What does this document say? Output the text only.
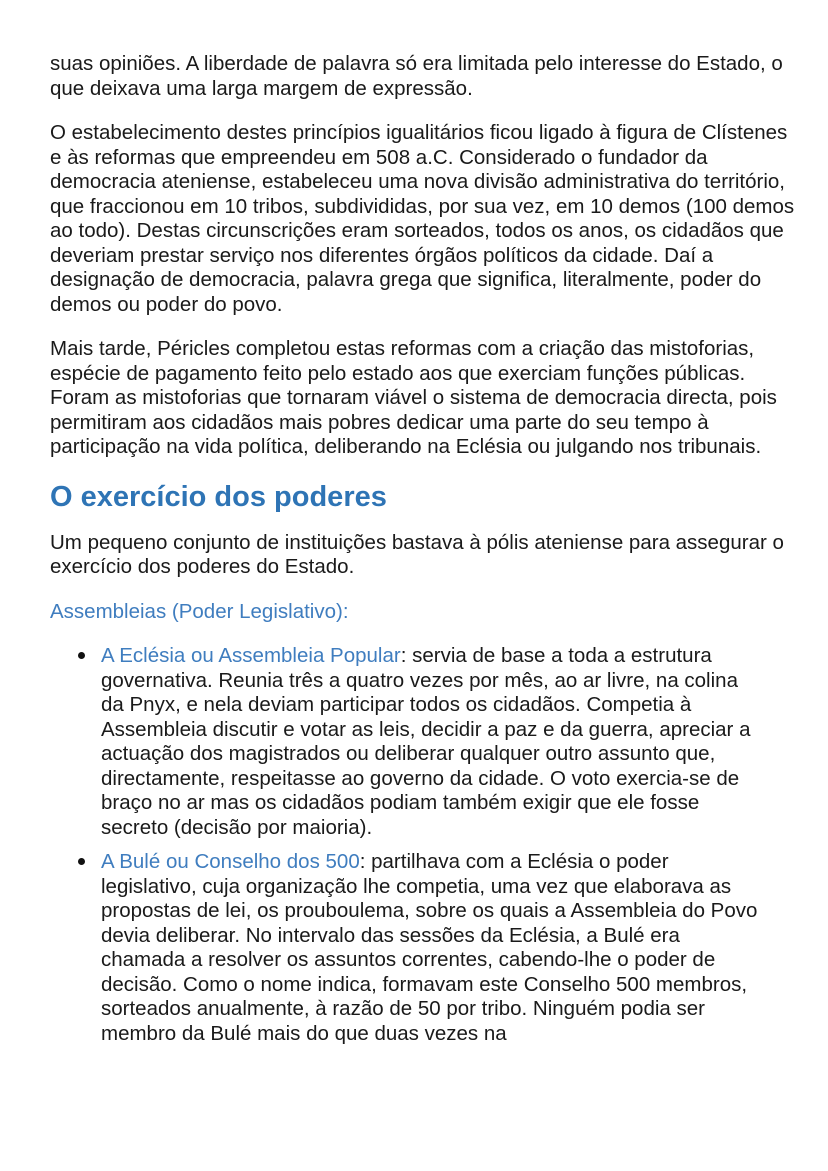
suas opiniões. A liberdade de palavra só era limitada pelo interesse do Estado, o que deixava uma larga margem de expressão.

O estabelecimento destes princípios igualitários ficou ligado à figura de Clístenes e às reformas que empreendeu em 508 a.C. Considerado o fundador da democracia ateniense, estabeleceu uma nova divisão administrativa do território, que fraccionou em 10 tribos, subdivididas, por sua vez, em 10 demos (100 demos ao todo). Destas circunscrições eram sorteados, todos os anos, os cidadãos que deveriam prestar serviço nos diferentes órgãos políticos da cidade. Daí a designação de democracia, palavra grega que significa, literalmente, poder do demos ou poder do povo.

Mais tarde, Péricles completou estas reformas com a criação das mistoforias, espécie de pagamento feito pelo estado aos que exerciam funções públicas. Foram as mistoforias que tornaram viável o sistema de democracia directa, pois permitiram aos cidadãos mais pobres dedicar uma parte do seu tempo à participação na vida política, deliberando na Eclésia ou julgando nos tribunais.

O exercício dos poderes

Um pequeno conjunto de instituições bastava à pólis ateniense para assegurar o exercício dos poderes do Estado.

Assembleias (Poder Legislativo):

A Eclésia ou Assembleia Popular: servia de base a toda a estrutura governativa. Reunia três a quatro vezes por mês, ao ar livre, na colina da Pnyx, e nela deviam participar todos os cidadãos. Competia à Assembleia discutir e votar as leis, decidir a paz e da guerra, apreciar a actuação dos magistrados ou deliberar qualquer outro assunto que, directamente, respeitasse ao governo da cidade. O voto exercia-se de braço no ar mas os cidadãos podiam também exigir que ele fosse secreto (decisão por maioria).
A Bulé ou Conselho dos 500: partilhava com a Eclésia o poder legislativo, cuja organização lhe competia, uma vez que elaborava as propostas de lei, os prouboulema, sobre os quais a Assembleia do Povo devia deliberar. No intervalo das sessões da Eclésia, a Bulé era chamada a resolver os assuntos correntes, cabendo-lhe o poder de decisão. Como o nome indica, formavam este Conselho 500 membros, sorteados anualmente, à razão de 50 por tribo. Ninguém podia ser membro da Bulé mais do que duas vezes na
